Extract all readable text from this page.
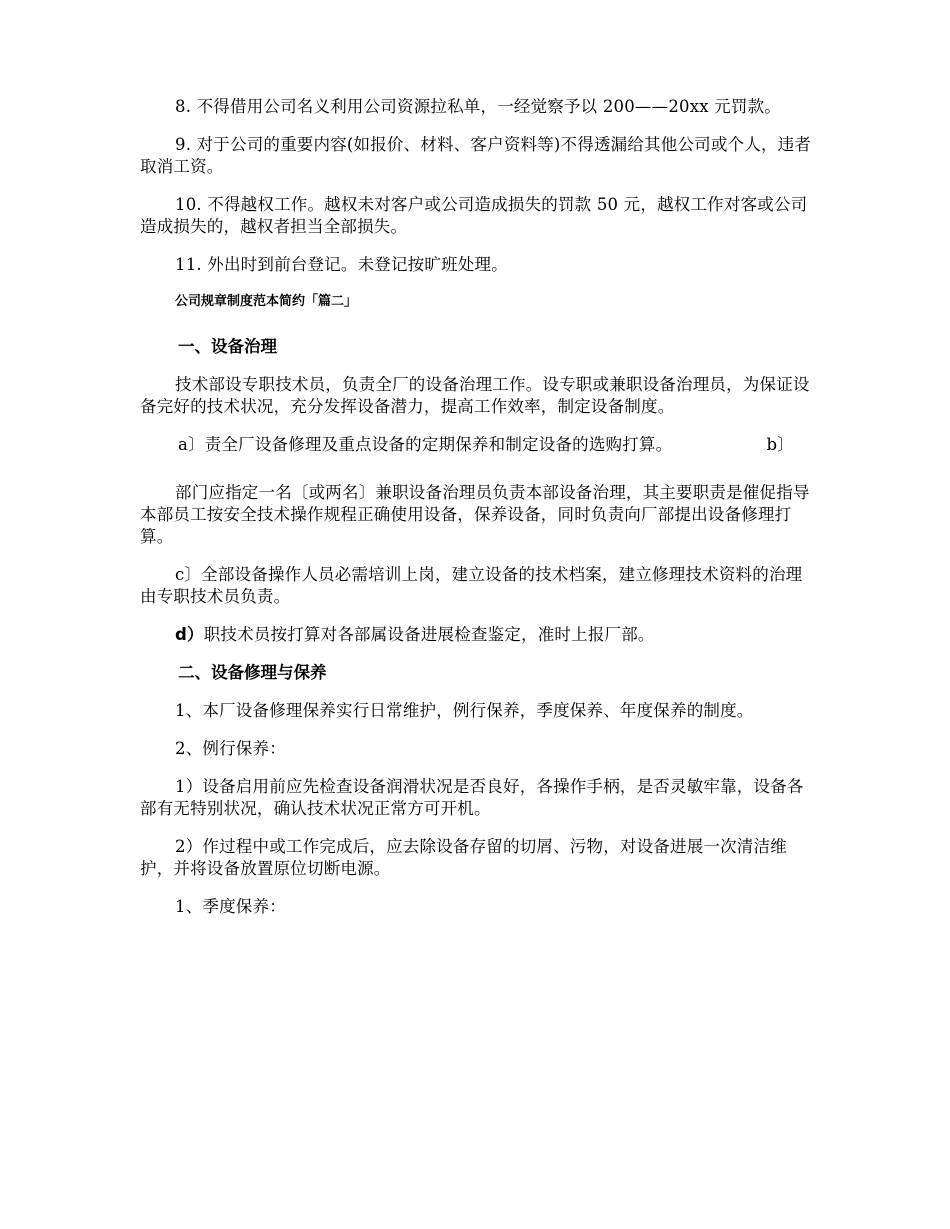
8. 不得借用公司名义利用公司资源拉私单，一经觉察予以 200——20xx 元罚款。

9. 对于公司的重要内容(如报价、材料、客户资料等)不得透漏给其他公司或个人，违者取消工资。

10. 不得越权工作。越权未对客户或公司造成损失的罚款 50 元，越权工作对客或公司造成损失的，越权者担当全部损失。

11. 外出时到前台登记。未登记按旷班处理。

公司规章制度范本简约「篇二」
一、设备治理

技术部设专职技术员，负责全厂的设备治理工作。设专职或兼职设备治理员，为保证设备完好的技术状况，充分发挥设备潜力，提高工作效率，制定设备制度。

a〕责全厂设备修理及重点设备的定期保养和制定设备的选购打算。	b〕

部门应指定一名〔或两名〕兼职设备治理员负责本部设备治理，其主要职责是催促指导本部员工按安全技术操作规程正确使用设备，保养设备，同时负责向厂部提出设备修理打算。

c〕全部设备操作人员必需培训上岗，建立设备的技术档案，建立修理技术资料的治理由专职技术员负责。

d）职技术员按打算对各部属设备进展检查鉴定，准时上报厂部。

二、设备修理与保养

1、本厂设备修理保养实行日常维护，例行保养，季度保养、年度保养的制度。

2、例行保养：

1）设备启用前应先检查设备润滑状况是否良好，各操作手柄，是否灵敏牢靠，设备各部有无特别状况，确认技术状况正常方可开机。

2）作过程中或工作完成后，应去除设备存留的切屑、污物，对设备进展一次清洁维护，并将设备放置原位切断电源。

1、季度保养：
